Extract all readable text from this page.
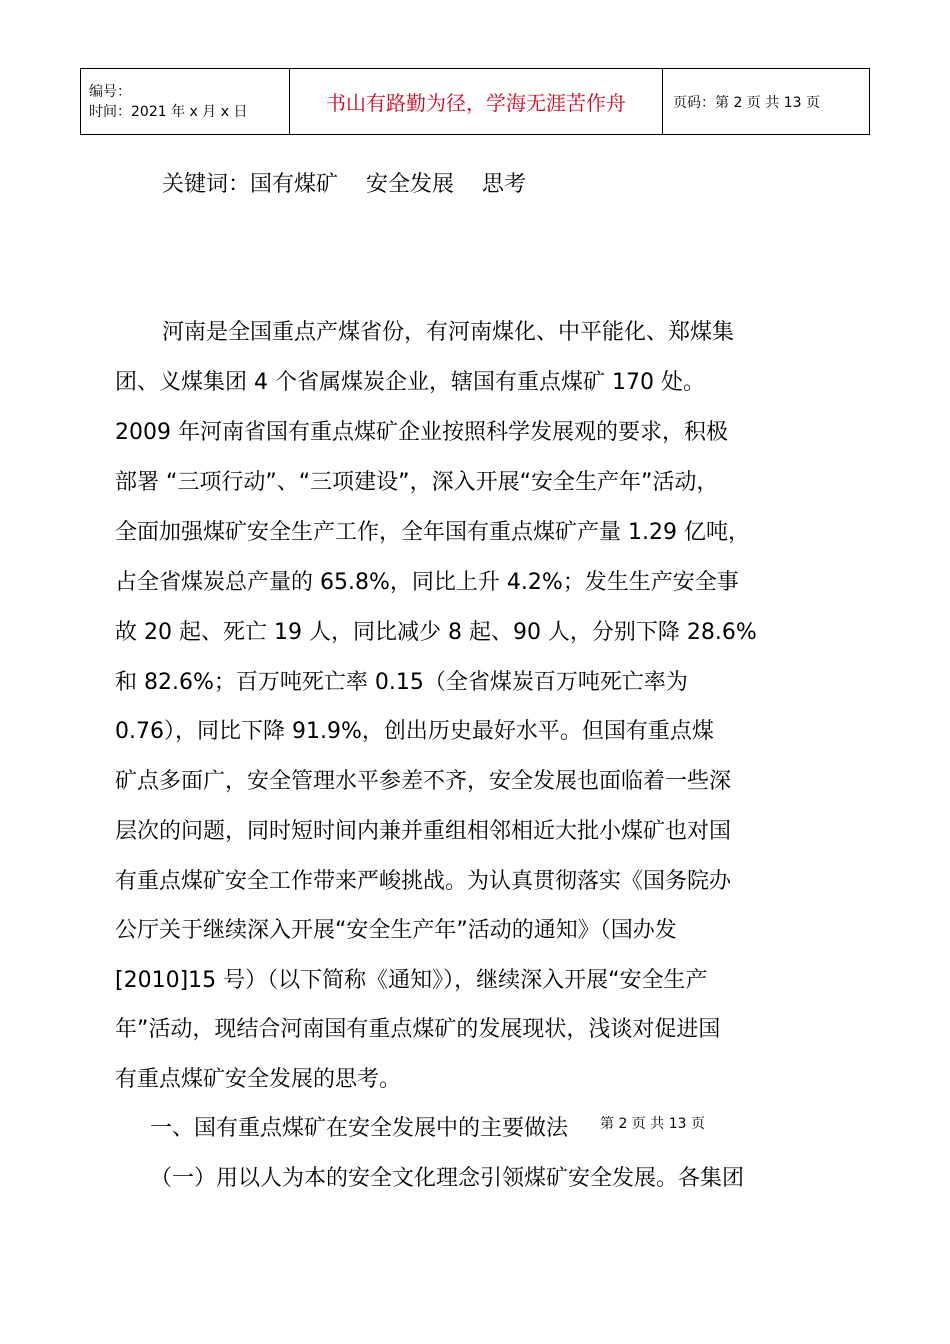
编号：
时间：2021 年 x 月 x 日	书山有路勤为径，学海无涯苦作舟	页码：第 2 页 共 13 页
关键词：国有煤矿    安全发展    思考
河南是全国重点产煤省份，有河南煤化、中平能化、郑煤集
团、义煤集团 4 个省属煤炭企业，辖国有重点煤矿 170 处。
2009 年河南省国有重点煤矿企业按照科学发展观的要求，积极
部署 “三项行动”、“三项建设”，深入开展“安全生产年”活动，
全面加强煤矿安全生产工作，全年国有重点煤矿产量 1.29 亿吨，
占全省煤炭总产量的 65.8%，同比上升 4.2%；发生生产安全事
故 20 起、死亡 19 人，同比减少 8 起、90 人，分别下降 28.6%
和 82.6%；百万吨死亡率 0.15（全省煤炭百万吨死亡率为
0.76），同比下降 91.9%，创出历史最好水平。但国有重点煤
矿点多面广，安全管理水平参差不齐，安全发展也面临着一些深
层次的问题，同时短时间内兼并重组相邻相近大批小煤矿也对国
有重点煤矿安全工作带来严峻挑战。为认真贯彻落实《国务院办
公厅关于继续深入开展“安全生产年”活动的通知》（国办发
[2010]15 号）（以下简称《通知》），继续深入开展“安全生产
年”活动，现结合河南国有重点煤矿的发展现状，浅谈对促进国
有重点煤矿安全发展的思考。
一、国有重点煤矿在安全发展中的主要做法
（一）用以人为本的安全文化理念引领煤矿安全发展。各集团
第 2 页 共 13 页
